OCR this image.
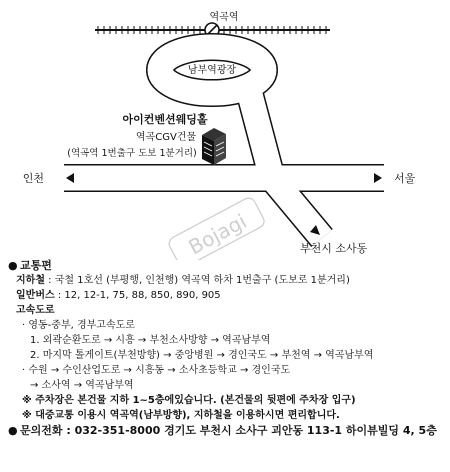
역곡역
남부역광장
아이컨벤션웨딩홀
역곡CGV건물
(역곡역 1번출구 도보 1분거리)
인천	서울
부천시 소사동
Bojagi
● 교통편
지하철 : 국철 1호선 (부평행, 인천행) 역곡역 하차 1번출구 (도보로 1분거리)
일반버스 : 12, 12-1, 75, 88, 850, 890, 905
고속도로
· 영동-중부, 경부고속도로
1. 외곽순환도로 → 시흥 → 부천소사방향 → 역곡남부역
2. 마지막 톨게이트(부천방향) → 중앙병원 → 경인국도 → 부천역 → 역곡남부역
· 수원 → 수인산업도로 → 시흥동 → 소사초등학교 → 경인국도
→ 소사역 → 역곡남부역
※ 주차장은 본건물 지하 1~5층에있습니다. (본건물의 뒷편에 주차장 입구)
※ 대중교통 이용시 역곡역(남부방향), 지하철을 이용하시면 편리합니다.
● 문의전화 : 032-351-8000 경기도 부천시 소사구 괴안동 113-1 하이뷰빌딩 4, 5층
